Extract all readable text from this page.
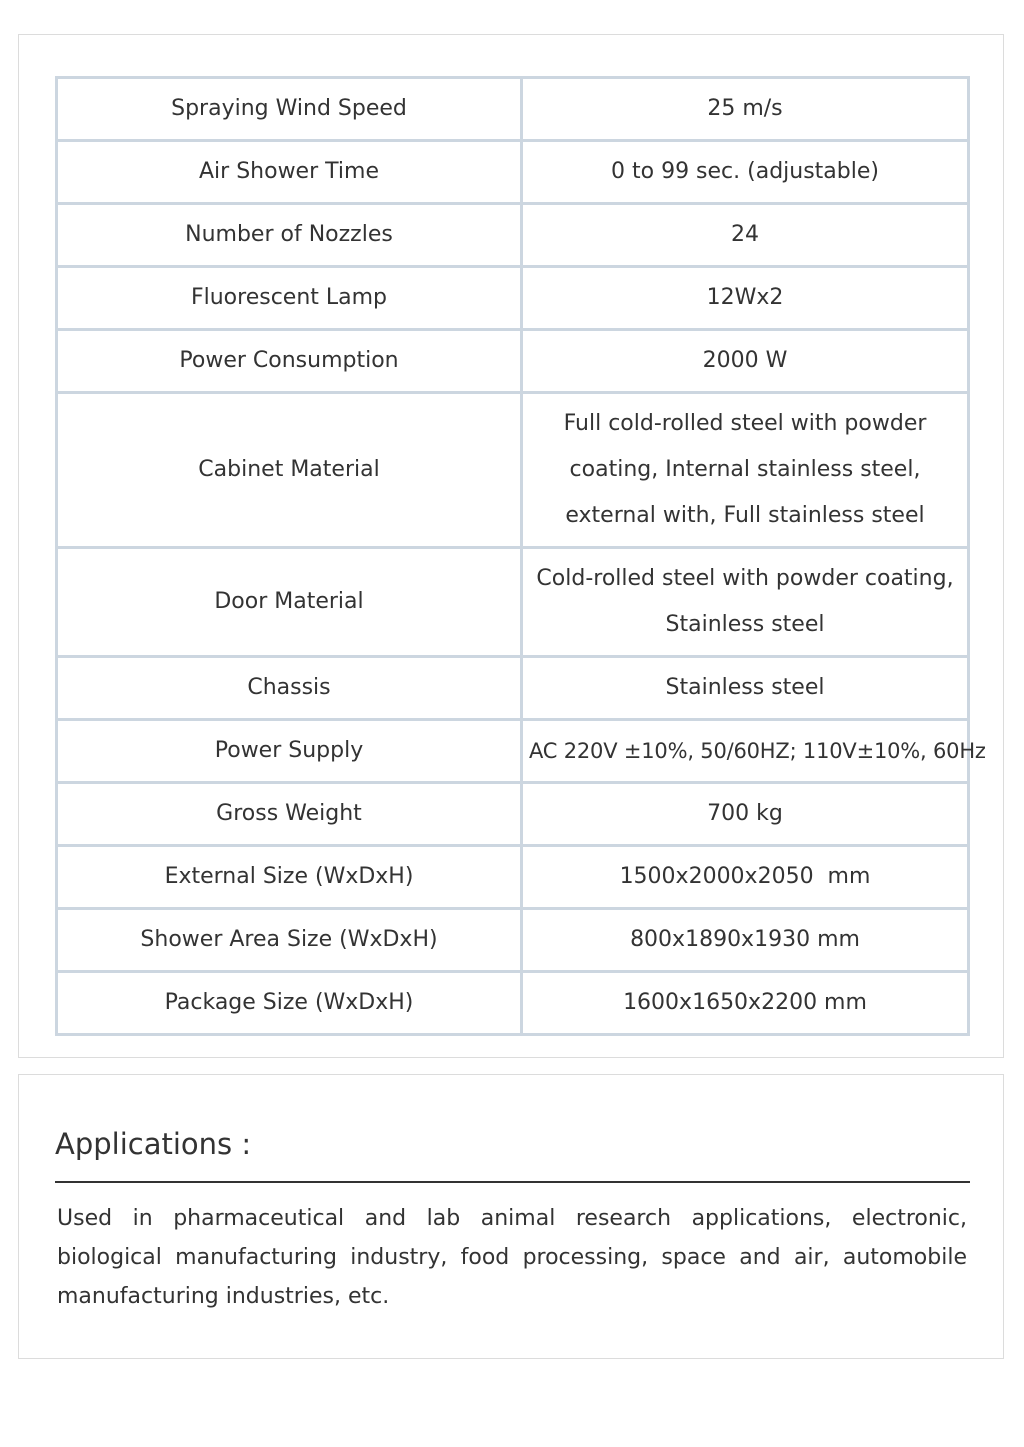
Spraying Wind Speed	25 m/s
Air Shower Time	0 to 99 sec. (adjustable)
Number of Nozzles	24
Fluorescent Lamp	12Wx2
Power Consumption	2000 W
Cabinet Material	Full cold-rolled steel with powder coating, Internal stainless steel, external with, Full stainless steel
Door Material	Cold-rolled steel with powder coating, Stainless steel
Chassis	Stainless steel
Power Supply	AC 220V ±10%, 50/60HZ; 110V±10%, 60Hz
Gross Weight	700 kg
External Size (WxDxH)	1500x2000x2050  mm
Shower Area Size (WxDxH)	800x1890x1930 mm
Package Size (WxDxH)	1600x1650x2200 mm
Applications :

Used in pharmaceutical and lab animal research applications, electronic, biological manufacturing industry, food processing, space and air, automobile manufacturing industries, etc.
